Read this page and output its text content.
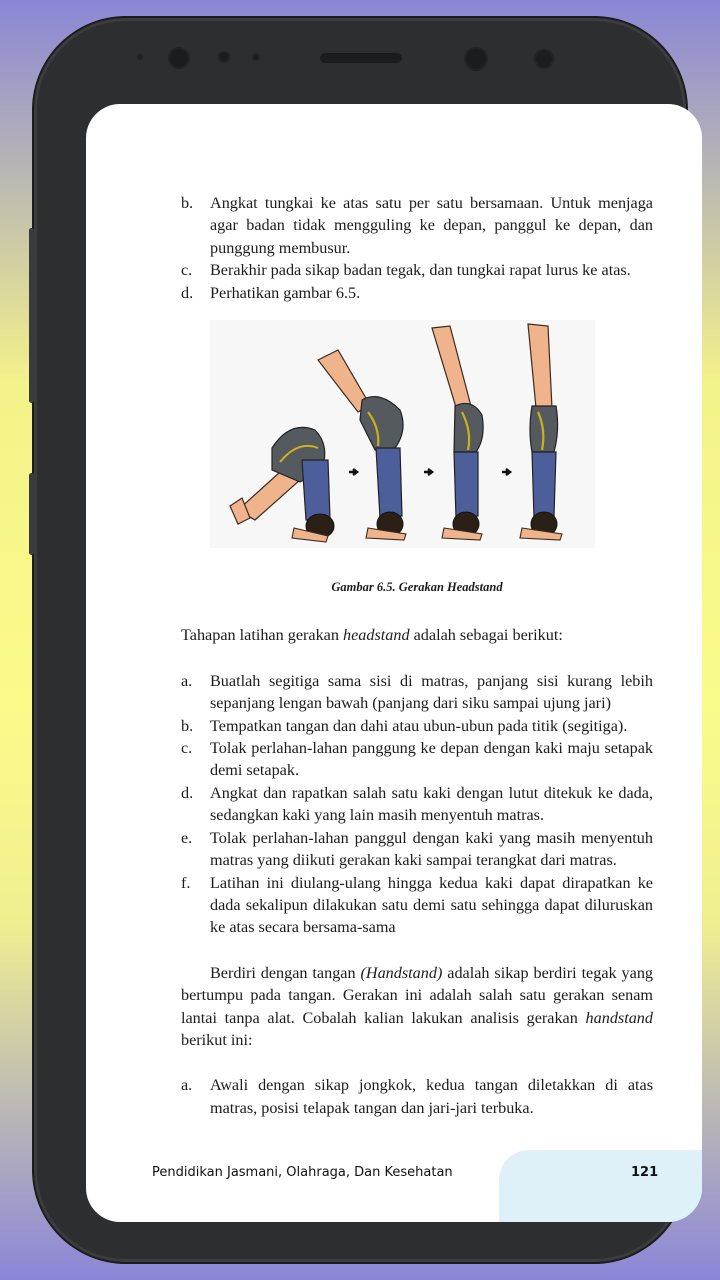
b.	Angkat tungkai ke atas satu per satu bersamaan. Untuk menjaga agar badan tidak mengguling ke depan, panggul ke depan, dan punggung membusur.
c.	Berakhir pada sikap badan tegak, dan tungkai rapat lurus ke atas.
d.	Perhatikan gambar 6.5.
Gambar 6.5. Gerakan Headstand
Tahapan latihan gerakan headstand adalah sebagai berikut:
a.	Buatlah segitiga sama sisi di matras, panjang sisi kurang lebih sepanjang lengan bawah (panjang dari siku sampai ujung jari)
b.	Tempatkan tangan dan dahi atau ubun-ubun pada titik (segitiga).
c.	Tolak perlahan-lahan panggung ke depan dengan kaki maju setapak demi setapak.
d.	Angkat dan rapatkan salah satu kaki dengan lutut ditekuk ke dada, sedangkan kaki yang lain masih menyentuh matras.
e.	Tolak perlahan-lahan panggul dengan kaki yang masih menyentuh matras yang diikuti gerakan kaki sampai terangkat dari matras.
f.	Latihan ini diulang-ulang hingga kedua kaki dapat dirapatkan ke dada sekalipun dilakukan satu demi satu sehingga dapat diluruskan ke atas secara bersama-sama
Berdiri dengan tangan (Handstand) adalah sikap berdiri tegak yang bertumpu pada tangan. Gerakan ini adalah salah satu gerakan senam lantai tanpa alat. Cobalah kalian lakukan analisis gerakan handstand berikut ini:
a.	Awali dengan sikap jongkok, kedua tangan diletakkan di atas matras, posisi telapak tangan dan jari-jari terbuka.
Pendidikan Jasmani, Olahraga, Dan Kesehatan	121
